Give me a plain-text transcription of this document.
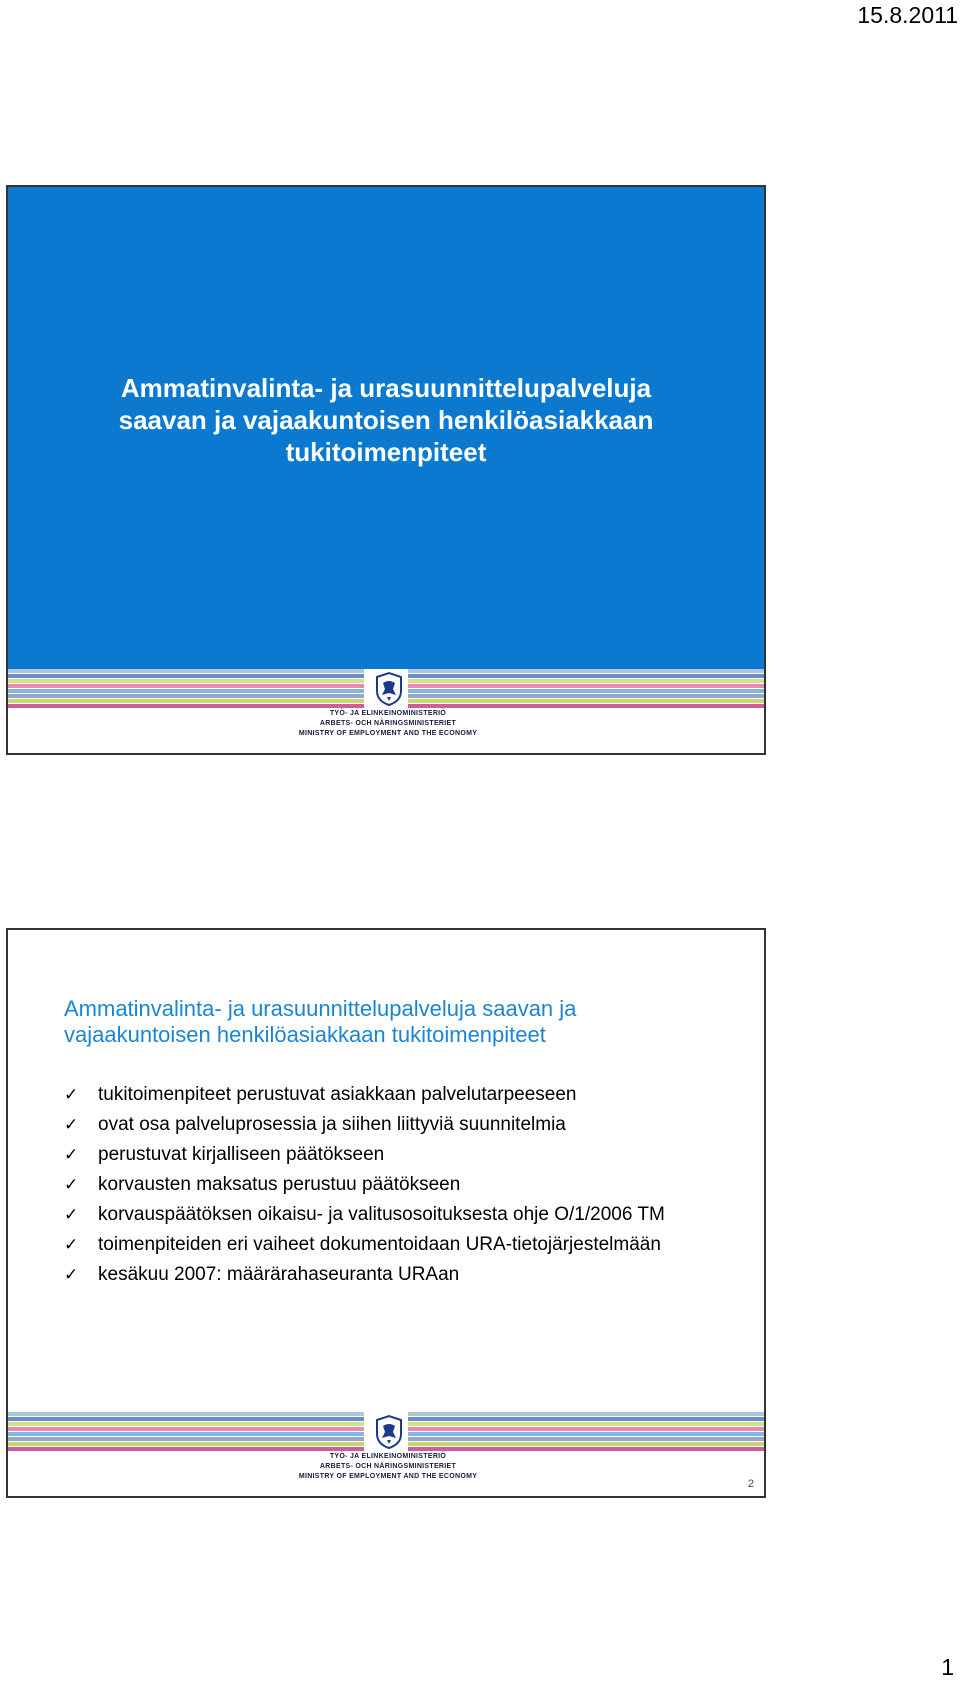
15.8.2011
Ammatinvalinta- ja urasuunnittelupalveluja
saavan ja vajaakuntoisen henkilöasiakkaan
tukitoimenpiteet
TYÖ- JA ELINKEINOMINISTERIÖ
ARBETS- OCH NÄRINGSMINISTERIET
MINISTRY OF EMPLOYMENT AND THE ECONOMY
Ammatinvalinta- ja urasuunnittelupalveluja saavan ja
vajaakuntoisen henkilöasiakkaan tukitoimenpiteet
✓ tukitoimenpiteet perustuvat asiakkaan palvelutarpeeseen
✓ ovat osa palveluprosessia ja siihen liittyviä suunnitelmia
✓ perustuvat kirjalliseen päätökseen
✓ korvausten maksatus perustuu päätökseen
✓ korvauspäätöksen oikaisu- ja valitusosoituksesta ohje O/1/2006 TM
✓ toimenpiteiden eri vaiheet dokumentoidaan URA-tietojärjestelmään
✓ kesäkuu 2007: määrärahaseuranta URAan
TYÖ- JA ELINKEINOMINISTERIÖ
ARBETS- OCH NÄRINGSMINISTERIET
MINISTRY OF EMPLOYMENT AND THE ECONOMY
2
1
